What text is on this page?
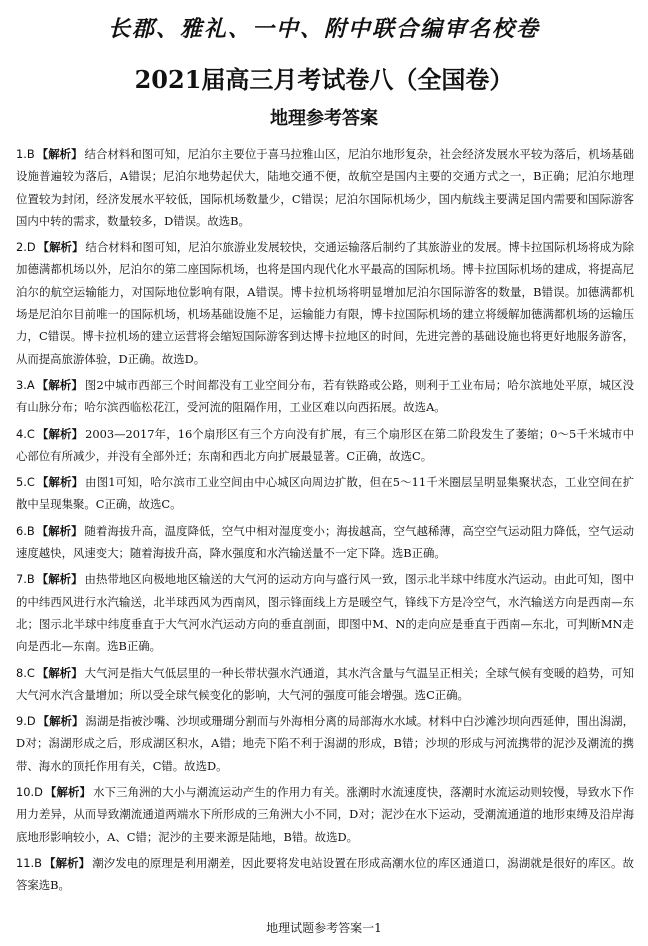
长郡、雅礼、一中、附中联合编审名校卷
2021届高三月考试卷八（全国卷）
地理参考答案
1.B 【解析】 结合材料和图可知，尼泊尔主要位于喜马拉雅山区，尼泊尔地形复杂，社会经济发展水平较为落后，机场基础设施普遍较为落后，A错误；尼泊尔地势起伏大，陆地交通不便，故航空是国内主要的交通方式之一，B正确；尼泊尔地理位置较为封闭，经济发展水平较低，国际机场数量少，C错误；尼泊尔国际机场少，国内航线主要满足国内需要和国际游客国内中转的需求，数量较多，D错误。故选B。
2.D 【解析】 结合材料和图可知，尼泊尔旅游业发展较快，交通运输落后制约了其旅游业的发展。博卡拉国际机场将成为除加德满都机场以外，尼泊尔的第二座国际机场，也将是国内现代化水平最高的国际机场。博卡拉国际机场的建成，将提高尼泊尔的航空运输能力，对国际地位影响有限，A错误。博卡拉机场将明显增加尼泊尔国际游客的数量，B错误。加德满都机场是尼泊尔目前唯一的国际机场，机场基础设施不足，运输能力有限，博卡拉国际机场的建立将缓解加德满都机场的运输压力，C错误。博卡拉机场的建立运营将会缩短国际游客到达博卡拉地区的时间，先进完善的基础设施也将更好地服务游客，从而提高旅游体验，D正确。故选D。
3.A 【解析】 图2中城市西部三个时间都没有工业空间分布，若有铁路或公路，则利于工业布局；哈尔滨地处平原，城区没有山脉分布；哈尔滨西临松花江，受河流的阻隔作用，工业区难以向西拓展。故选A。
4.C 【解析】 2003—2017年，16个扇形区有三个方向没有扩展，有三个扇形区在第二阶段发生了萎缩；0～5千米城市中心部位有所减少，并没有全部外迁；东南和西北方向扩展最显著。C正确，故选C。
5.C 【解析】 由图1可知，哈尔滨市工业空间由中心城区向周边扩散，但在5～11千米圈层呈明显集聚状态，工业空间在扩散中呈现集聚。C正确，故选C。
6.B 【解析】 随着海拔升高，温度降低，空气中相对湿度变小；海拔越高，空气越稀薄，高空空气运动阻力降低，空气运动速度越快，风速变大；随着海拔升高，降水强度和水汽输送量不一定下降。选B正确。
7.B 【解析】 由热带地区向极地地区输送的大气河的运动方向与盛行风一致，图示北半球中纬度水汽运动。由此可知，图中的中纬西风进行水汽输送，北半球西风为西南风，图示锋面线上方是暖空气，锋线下方是冷空气，水汽输送方向是西南—东北；图示北半球中纬度垂直于大气河水汽运动方向的垂直剖面，即图中M、N的走向应是垂直于西南—东北，可判断MN走向是西北—东南。选B正确。
8.C 【解析】 大气河是指大气低层里的一种长带状强水汽通道，其水汽含量与气温呈正相关；全球气候有变暖的趋势，可知大气河水汽含量增加；所以受全球气候变化的影响，大气河的强度可能会增强。选C正确。
9.D 【解析】 潟湖是指被沙嘴、沙坝或珊瑚分割而与外海相分离的局部海水水域。材料中白沙滩沙坝向西延伸，围出潟湖，D对；潟湖形成之后，形成湖区积水，A错；地壳下陷不利于潟湖的形成，B错；沙坝的形成与河流携带的泥沙及潮流的携带、海水的顶托作用有关，C错。故选D。
10.D 【解析】 水下三角洲的大小与潮流运动产生的作用力有关。涨潮时水流速度快，落潮时水流运动则较慢，导致水下作用力差异，从而导致潮流通道两端水下所形成的三角洲大小不同，D对；泥沙在水下运动，受潮流通道的地形束缚及沿岸海底地形影响较小，A、C错；泥沙的主要来源是陆地，B错。故选D。
11.B 【解析】 潮汐发电的原理是利用潮差，因此要将发电站设置在形成高潮水位的库区通道口，潟湖就是很好的库区。故答案选B。
地理试题参考答案一1
